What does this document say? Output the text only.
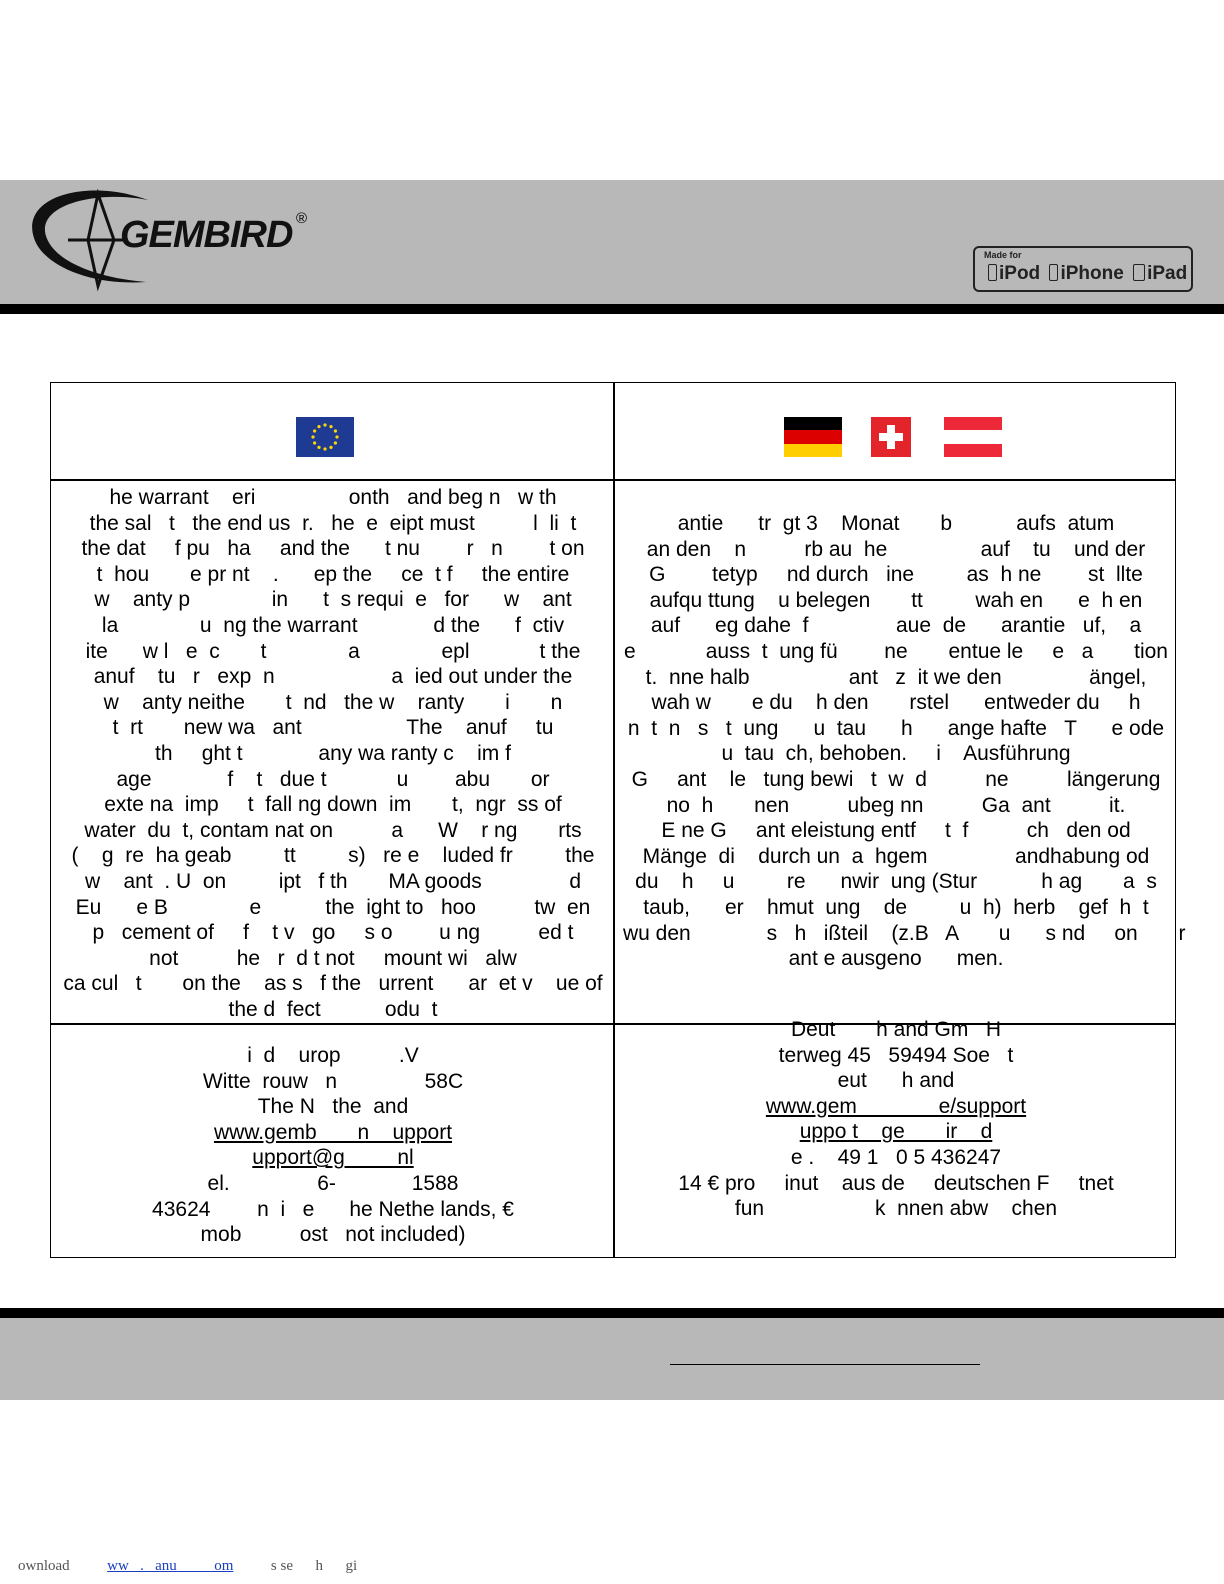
GEMBIRD ®
Made for
iPod iPhone iPad
he warrant    eri                onth   and beg n   w th
the sal   t   the end us  r.   he  e  eipt must          l  li  t
the dat     f pu   ha     and the      t nu        r   n        t on
t  hou       e pr nt    .      ep the     ce  t f     the entire
w    anty p              in      t  s requi  e   for      w    ant
la              u  ng the warrant             d the      f  ctiv
ite      w l   e  c       t              a              epl            t the
anuf    tu   r   exp  n                    a  ied out under the
w    anty neithe       t  nd   the w    ranty       i       n
t  rt       new wa   ant                  The    anuf     tu
th     ght t             any wa ranty c    im f
age             f    t   due t            u        abu       or
exte na  imp     t  fall ng down  im       t,  ngr  ss of
water  du  t, contam nat on          a      W    r ng       rts
(    g  re  ha geab         tt         s)   re e    luded fr         the
w    ant  . U  on         ipt   f th       MA goods               d
Eu      e B              e           the  ight to   hoo          tw  en
p   cement of     f    t v   go     s o        u ng          ed t
not          he   r  d t not     mount wi   alw
ca cul   t       on the    as s   f the   urrent      ar  et v    ue of
the d  fect           odu  t
antie      tr  gt 3    Monat       b           aufs  atum
an den    n          rb au  he                auf    tu    und der
G        tetyp     nd durch   ine         as  h ne        st  llte
aufqu ttung    u belegen       tt         wah en      e  h en
auf      eg dahe  f               aue  de      arantie   uf,    a
e            auss  t  ung fü        ne       entue le     e   a       tion
t.  nne halb                 ant   z  it we den               ängel,
wah w       e du    h den       rstel      entweder du     h
n  t  n   s   t  ung      u  tau      h      ange hafte   T      e ode
u  tau  ch, behoben.     i    Ausführung
G     ant    le   tung bewi   t  w  d          ne          längerung
no  h       nen          ubeg nn          Ga  ant          it.
E ne G     ant eleistung entf     t  f          ch   den od
Mänge  di    durch un  a  hgem               andhabung od
du    h     u         re      nwir  ung (Stur           h ag       a  s
taub,      er    hmut  ung    de         u  h)  herb    gef  h  t
wu den             s   h   ißteil    (z.B   A       u      s nd     on       r
ant e ausgeno      men.
i  d    urop          .V
Witte  rouw   n               58C
The N   the  and
www.gemb       n    upport
upport@g         nl
el.               6-             1588
43624        n  i   e      he Nethe lands, €
mob          ost   not included)
Deut       h and Gm   H
terweg 45   59494 Soe   t
eut      h and
www.gem              e/support
uppo t    ge       ir    d
e .    49 1   0 5 436247
14 € pro     inut    aus de     deutschen F     tnet
fun                   k  nnen abw    chen
ownload	ww   .   anu          om	s se      h      gi
